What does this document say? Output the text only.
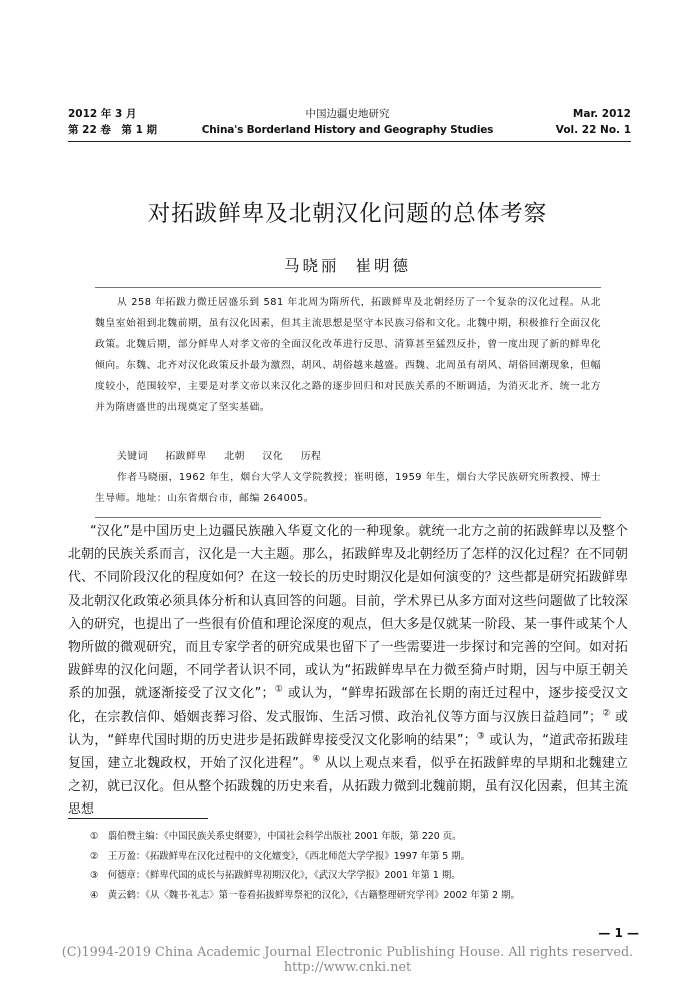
2012 年 3 月
第 22 卷　第 1 期
中国边疆史地研究
China's Borderland History and Geography Studies
Mar. 2012
Vol. 22 No. 1
对拓跋鲜卑及北朝汉化问题的总体考察
马晓丽 崔明德
从 258 年拓跋力微迁居盛乐到 581 年北周为隋所代，拓跋鲜卑及北朝经历了一个复杂的汉化过程。从北魏皇室始祖到北魏前期，虽有汉化因素，但其主流思想是坚守本民族习俗和文化。北魏中期，积极推行全面汉化政策。北魏后期，部分鲜卑人对孝文帝的全面汉化改革进行反思、清算甚至猛烈反扑，曾一度出现了新的鲜卑化倾向。东魏、北齐对汉化政策反扑最为激烈，胡风、胡俗越来越盛。西魏、北周虽有胡风、胡俗回潮现象，但幅度较小，范围较窄，主要是对孝文帝以来汉化之路的逐步回归和对民族关系的不断调适，为消灭北齐、统一北方并为隋唐盛世的出现奠定了坚实基础。
关键词 拓跋鲜卑 北朝 汉化 历程
作者马晓丽，1962 年生，烟台大学人文学院教授；崔明德，1959 年生，烟台大学民族研究所教授、博士生导师。地址：山东省烟台市，邮编 264005。
“汉化”是中国历史上边疆民族融入华夏文化的一种现象。就统一北方之前的拓跋鲜卑以及整个北朝的民族关系而言，汉化是一大主题。那么，拓跋鲜卑及北朝经历了怎样的汉化过程？在不同朝代、不同阶段汉化的程度如何？在这一较长的历史时期汉化是如何演变的？这些都是研究拓跋鲜卑及北朝汉化政策必须具体分析和认真回答的问题。目前，学术界已从多方面对这些问题做了比较深入的研究，也提出了一些很有价值和理论深度的观点，但大多是仅就某一阶段、某一事件或某个人物所做的微观研究，而且专家学者的研究成果也留下了一些需要进一步探讨和完善的空间。如对拓跋鲜卑的汉化问题，不同学者认识不同，或认为“拓跋鲜卑早在力微至猗卢时期，因与中原王朝关系的加强，就逐渐接受了汉文化”；① 或认为，“鲜卑拓跋部在长期的南迁过程中，逐步接受汉文化，在宗教信仰、婚姻丧葬习俗、发式服饰、生活习惯、政治礼仪等方面与汉族日益趋同”；② 或认为，“鲜卑代国时期的历史进步是拓跋鲜卑接受汉文化影响的结果”；③ 或认为，“道武帝拓跋珪复国，建立北魏政权，开始了汉化进程”。④ 从以上观点来看，似乎在拓跋鲜卑的早期和北魏建立之初，就已汉化。但从整个拓跋魏的历史来看，从拓跋力微到北魏前期，虽有汉化因素，但其主流思想
①　翦伯赞主编：《中国民族关系史纲要》，中国社会科学出版社 2001 年版，第 220 页。
②　王万盈：《拓跋鲜卑在汉化过程中的文化嬗变》，《西北师范大学学报》1997 年第 5 期。
③　何德章：《鲜卑代国的成长与拓跋鲜卑初期汉化》，《武汉大学学报》2001 年第 1 期。
④　黄云鹤：《从〈魏书·礼志〉第一卷看拓拔鲜卑祭祀的汉化》，《古籍整理研究学刊》2002 年第 2 期。
— 1 —
(C)1994-2019 China Academic Journal Electronic Publishing House. All rights reserved. http://www.cnki.net
